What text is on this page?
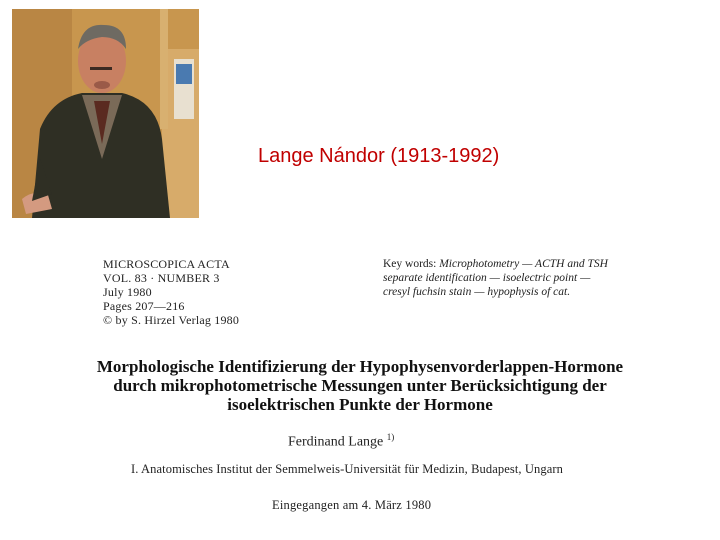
Lange Nándor (1913-1992)
MICROSCOPICA ACTA
VOL. 83 · NUMBER 3
July 1980
Pages 207—216
© by S. Hirzel Verlag 1980
Key words: Microphotometry — ACTH and TSH separate identification — isoelectric point — cresyl fuchsin stain — hypophysis of cat.
Morphologische Identifizierung der Hypophysenvorderlappen-Hormone
durch mikrophotometrische Messungen unter Berücksichtigung der
isoelektrischen Punkte der Hormone
Ferdinand Lange $^{1)}$
I. Anatomisches Institut der Semmelweis-Universität für Medizin, Budapest, Ungarn
Eingegangen am 4. März 1980
